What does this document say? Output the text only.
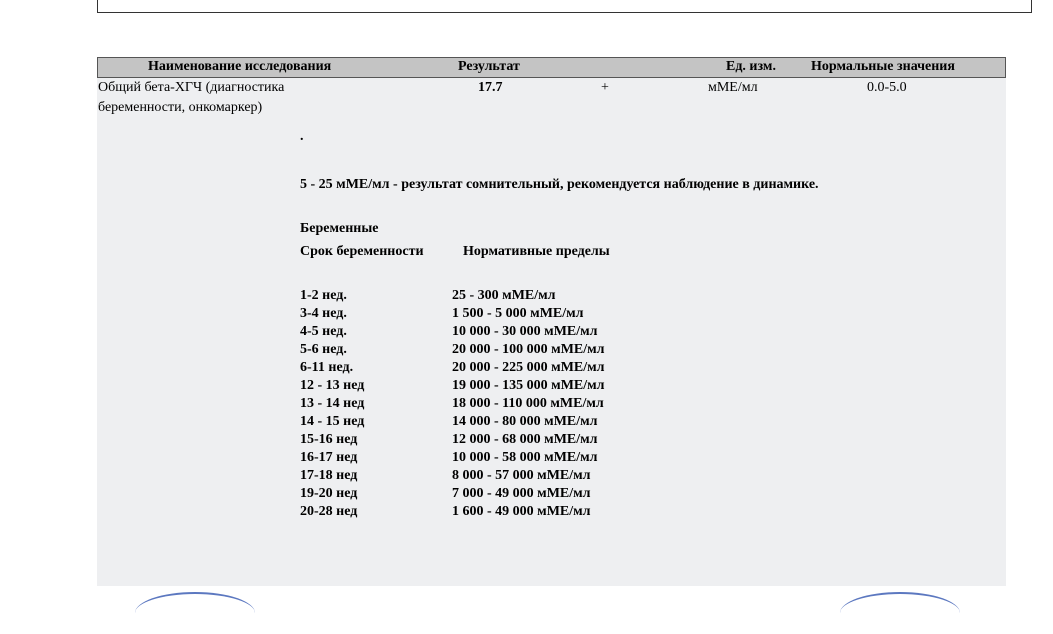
Наименование исследования	Результат	Ед. изм.	Нормальные значения
Общий бета-ХГЧ (диагностика
беременности, онкомаркер)
17.7	+	мМЕ/мл	0.0-5.0
.
5 - 25 мМЕ/мл - результат сомнительный, рекомендуется наблюдение в динамике.
Беременные
Срок беременности	Нормативные пределы
1-2 нед.	25 - 300 мМЕ/мл
3-4 нед.	1 500 - 5 000 мМЕ/мл
4-5 нед.	10 000 - 30 000 мМЕ/мл
5-6 нед.	20 000 - 100 000 мМЕ/мл
6-11 нед.	20 000 - 225 000 мМЕ/мл
12 - 13 нед	19 000 - 135 000 мМЕ/мл
13 - 14 нед	18 000 - 110 000 мМЕ/мл
14 - 15 нед	14 000 - 80 000 мМЕ/мл
15-16 нед	12 000 - 68 000 мМЕ/мл
16-17 нед	10 000 - 58 000 мМЕ/мл
17-18 нед	8 000 - 57 000 мМЕ/мл
19-20 нед	7 000 - 49 000 мМЕ/мл
20-28 нед	1 600 - 49 000 мМЕ/мл
